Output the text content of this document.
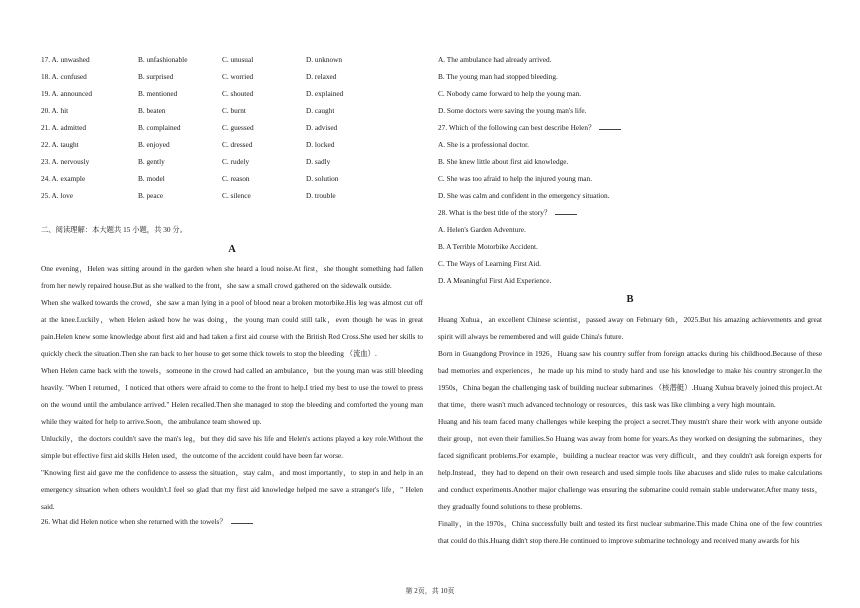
17. A. unwashed	B. unfashionable	C. unusual	D. unknown
18. A. confused	B. surprised	C. worried	D. relaxed
19. A. announced	B. mentioned	C. shouted	D. explained
20. A. hit	B. beaten	C. burnt	D. caught
21. A. admitted	B. complained	C. guessed	D. advised
22. A. taught	B. enjoyed	C. dressed	D. locked
23. A. nervously	B. gently	C. rudely	D. sadly
24. A. example	B. model	C. reason	D. solution
25. A. love	B. peace	C. silence	D. trouble
二、阅读理解：本大题共 15 小题，共 30 分。
A
One evening，Helen was sitting around in the garden when she heard a loud noise.At first，she thought something had fallen from her newly repaired house.But as she walked to the front，she saw a small crowd gathered on the sidewalk outside.
When she walked towards the crowd，she saw a man lying in a pool of blood near a broken motorbike.His leg was almost cut off at the knee.Luckily，when Helen asked how he was doing，the young man could still talk，even though he was in great pain.Helen knew some knowledge about first aid and had taken a first aid course with the British Red Cross.She used her skills to quickly check the situation.Then she ran back to her house to get some thick towels to stop the bleeding （流血）.
When Helen came back with the towels，someone in the crowd had called an ambulance，but the young man was still bleeding heavily. "When I returned，I noticed that others were afraid to come to the front to help.I tried my best to use the towel to press on the wound until the ambulance arrived." Helen recalled.Then she managed to stop the bleeding and comforted the young man while they waited for help to arrive.Soon，the ambulance team showed up.
Unluckily，the doctors couldn't save the man's leg，but they did save his life and Helen's actions played a key role.Without the simple but effective first aid skills Helen used，the outcome of the accident could have been far worse.
"Knowing first aid gave me the confidence to assess the situation，stay calm，and most importantly，to step in and help in an emergency situation when others wouldn't.I feel so glad that my first aid knowledge helped me save a stranger's life，" Helen said.
26. What did Helen notice when she returned with the towels？
A. The ambulance had already arrived.
B. The young man had stopped bleeding.
C. Nobody came forward to help the young man.
D. Some doctors were saving the young man's life.
27. Which of the following can best describe Helen？
A. She is a professional doctor.
B. She knew little about first aid knowledge.
C. She was too afraid to help the injured young man.
D. She was calm and confident in the emergency situation.
28. What is the best title of the story？
A. Helen's Garden Adventure.
B. A Terrible Motorbike Accident.
C. The Ways of Learning First Aid.
D. A Meaningful First Aid Experience.
B
Huang Xuhua，an excellent Chinese scientist，passed away on February 6th，2025.But his amazing achievements and great spirit will always be remembered and will guide China's future.
Born in Guangdong Province in 1926，Huang saw his country suffer from foreign attacks during his childhood.Because of these bad memories and experiences，he made up his mind to study hard and use his knowledge to make his country stronger.In the 1950s，China began the challenging task of building nuclear submarines （核潜艇）.Huang Xuhua bravely joined this project.At that time，there wasn't much advanced technology or resources，this task was like climbing a very high mountain.
Huang and his team faced many challenges while keeping the project a secret.They mustn't share their work with anyone outside their group，not even their families.So Huang was away from home for years.As they worked on designing the submarines，they faced significant problems.For example，building a nuclear reactor was very difficult，and they couldn't ask foreign experts for help.Instead，they had to depend on their own research and used simple tools like abacuses and slide rules to make calculations and conduct experiments.Another major challenge was ensuring the submarine could remain stable underwater.After many tests，they gradually found solutions to these problems.
Finally，in the 1970s，China successfully built and tested its first nuclear submarine.This made China one of the few countries that could do this.Huang didn't stop there.He continued to improve submarine technology and received many awards for his
第 2页，共 10页
